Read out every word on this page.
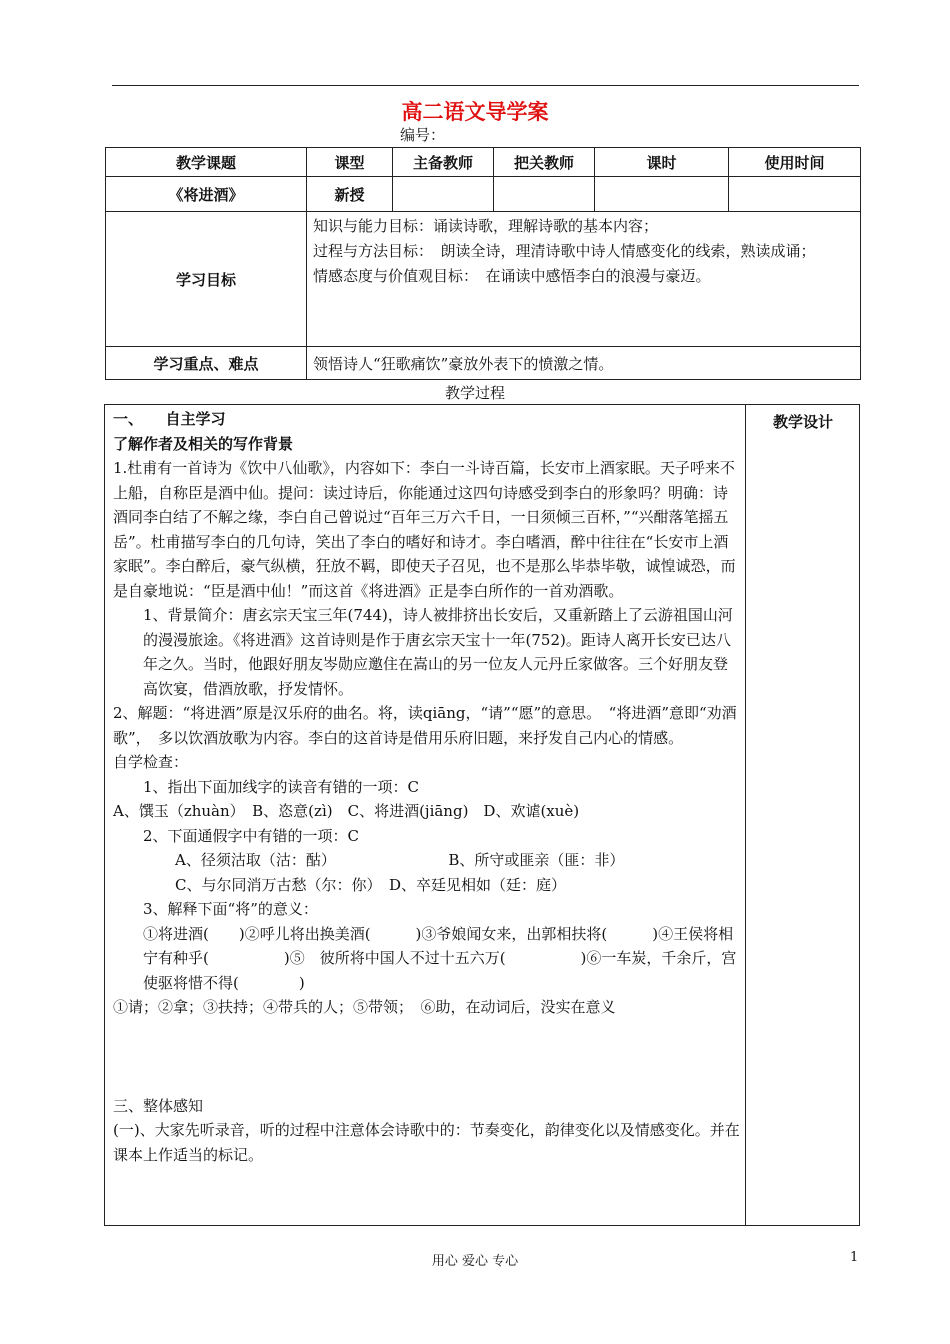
高二语文导学案
编号：
教学课题	课型	主备教师	把关教师	课时	使用时间
《将进酒》	新授				
学习目标	知识与能力目标：诵读诗歌，理解诗歌的基本内容；
过程与方法目标：　朗读全诗，理清诗歌中诗人情感变化的线索，熟读成诵；
情感态度与价值观目标：　在诵读中感悟李白的浪漫与豪迈。				

学习重点、难点	领悟诗人“狂歌痛饮”豪放外表下的愤激之情。				
教学过程
教学设计

一、　　自主学习

了解作者及相关的写作背景

1.杜甫有一首诗为《饮中八仙歌》，内容如下：李白一斗诗百篇，长安市上酒家眠。天子呼来不上船，自称臣是酒中仙。提问：读过诗后，你能通过这四句诗感受到李白的形象吗？明确：诗酒同李白结了不解之缘，李白自己曾说过“百年三万六千日，一日须倾三百杯，”“兴酣落笔摇五岳”。杜甫描写李白的几句诗，笑出了李白的嗜好和诗才。李白嗜酒，醉中往往在“长安市上酒家眠”。李白醉后，豪气纵横，狂放不羁，即使天子召见，也不是那么毕恭毕敬，诚惶诚恐，而是自豪地说：“臣是酒中仙！”而这首《将进酒》正是李白所作的一首劝酒歌。

1、背景简介：唐玄宗天宝三年(744)，诗人被排挤出长安后，又重新踏上了云游祖国山河的漫漫旅途。《将进酒》这首诗则是作于唐玄宗天宝十一年(752)。距诗人离开长安已达八年之久。当时，他跟好朋友岑勋应邀住在嵩山的另一位友人元丹丘家做客。三个好朋友登高饮宴，借酒放歌，抒发情怀。

2、解题：“将进酒”原是汉乐府的曲名。将，读qiāng，“请”“愿”的意思。　“将进酒”意即“劝酒歌”，　多以饮酒放歌为内容。李白的这首诗是借用乐府旧题，来抒发自己内心的情感。

自学检查：

1、指出下面加线字的读音有错的一项：C

A、馔玉（zhuàn）　B、恣意(zì)　C、将进酒(jiāng)　D、欢谑(xuè)

2、下面通假字中有错的一项：C

A、径须沽取（沽：酤）　　　　　　　　B、所守或匪亲（匪：非）

C、与尔同消万古愁（尔：你）　D、卒廷见相如（廷：庭）

3、解释下面“将”的意义：

①将进酒(　　)②呼儿将出换美酒(　　　)③爷娘闻女来，出郭相扶将(　　　)④王侯将相宁有种乎(　　　　　)⑤　彼所将中国人不过十五六万(　　　　　)⑥一车炭，千余斤，宫使驱将惜不得(　　　　)

①请；②拿；③扶持；④带兵的人；⑤带领；　⑥助，在动词后，没实在意义

三、整体感知

(一)、大家先听录音，听的过程中注意体会诗歌中的：节奏变化，韵律变化以及情感变化。并在课本上作适当的标记。

用心 爱心 专心	1
